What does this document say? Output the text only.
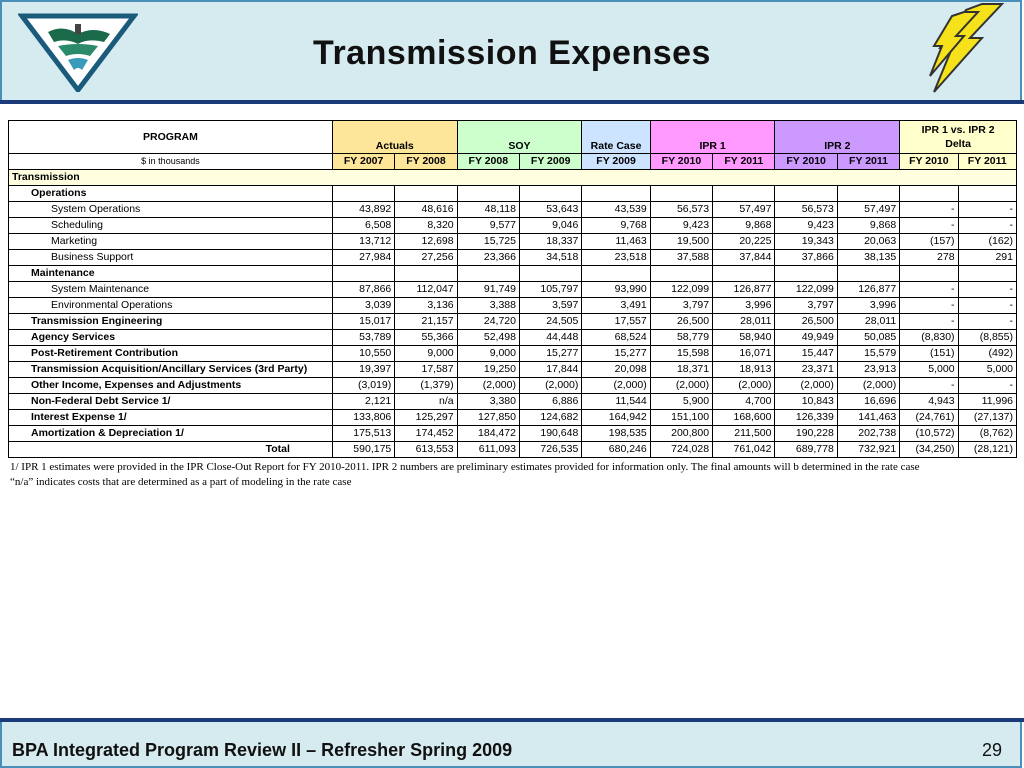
Transmission Expenses
PROGRAM	Actuals		SOY		Rate Case	IPR 1		IPR 2		IPR 1 vs. IPR 2
Delta	

$ in thousands	FY 2007	FY 2008	FY 2008	FY 2009	FY 2009	FY 2010	FY 2011	FY 2010	FY 2011	FY 2010	FY 2011
Transmission											
Operations											
System Operations	43,892	48,616	48,118	53,643	43,539	56,573	57,497	56,573	57,497	-	-
Scheduling	6,508	8,320	9,577	9,046	9,768	9,423	9,868	9,423	9,868	-	-
Marketing	13,712	12,698	15,725	18,337	11,463	19,500	20,225	19,343	20,063	(157)	(162)
Business Support	27,984	27,256	23,366	34,518	23,518	37,588	37,844	37,866	38,135	278	291
Maintenance											
System Maintenance	87,866	112,047	91,749	105,797	93,990	122,099	126,877	122,099	126,877	-	-
Environmental Operations	3,039	3,136	3,388	3,597	3,491	3,797	3,996	3,797	3,996	-	-
Transmission Engineering	15,017	21,157	24,720	24,505	17,557	26,500	28,011	26,500	28,011	-	-
Agency Services	53,789	55,366	52,498	44,448	68,524	58,779	58,940	49,949	50,085	(8,830)	(8,855)
Post-Retirement Contribution	10,550	9,000	9,000	15,277	15,277	15,598	16,071	15,447	15,579	(151)	(492)
Transmission Acquisition/Ancillary Services (3rd Party)	19,397	17,587	19,250	17,844	20,098	18,371	18,913	23,371	23,913	5,000	5,000
Other Income, Expenses and Adjustments	(3,019)	(1,379)	(2,000)	(2,000)	(2,000)	(2,000)	(2,000)	(2,000)	(2,000)	-	-
Non-Federal Debt Service 1/	2,121	n/a	3,380	6,886	11,544	5,900	4,700	10,843	16,696	4,943	11,996
Interest Expense 1/	133,806	125,297	127,850	124,682	164,942	151,100	168,600	126,339	141,463	(24,761)	(27,137)
Amortization & Depreciation 1/	175,513	174,452	184,472	190,648	198,535	200,800	211,500	190,228	202,738	(10,572)	(8,762)
Total	590,175	613,553	611,093	726,535	680,246	724,028	761,042	689,778	732,921	(34,250)	(28,121)
1/ IPR 1 estimates were provided in the IPR Close-Out Report for FY 2010-2011. IPR 2 numbers are preliminary estimates provided for information only. The final amounts will b determined in the rate case
“n/a” indicates costs that are determined as a part of modeling in the rate case
BPA Integrated Program Review II – Refresher Spring 2009	29
